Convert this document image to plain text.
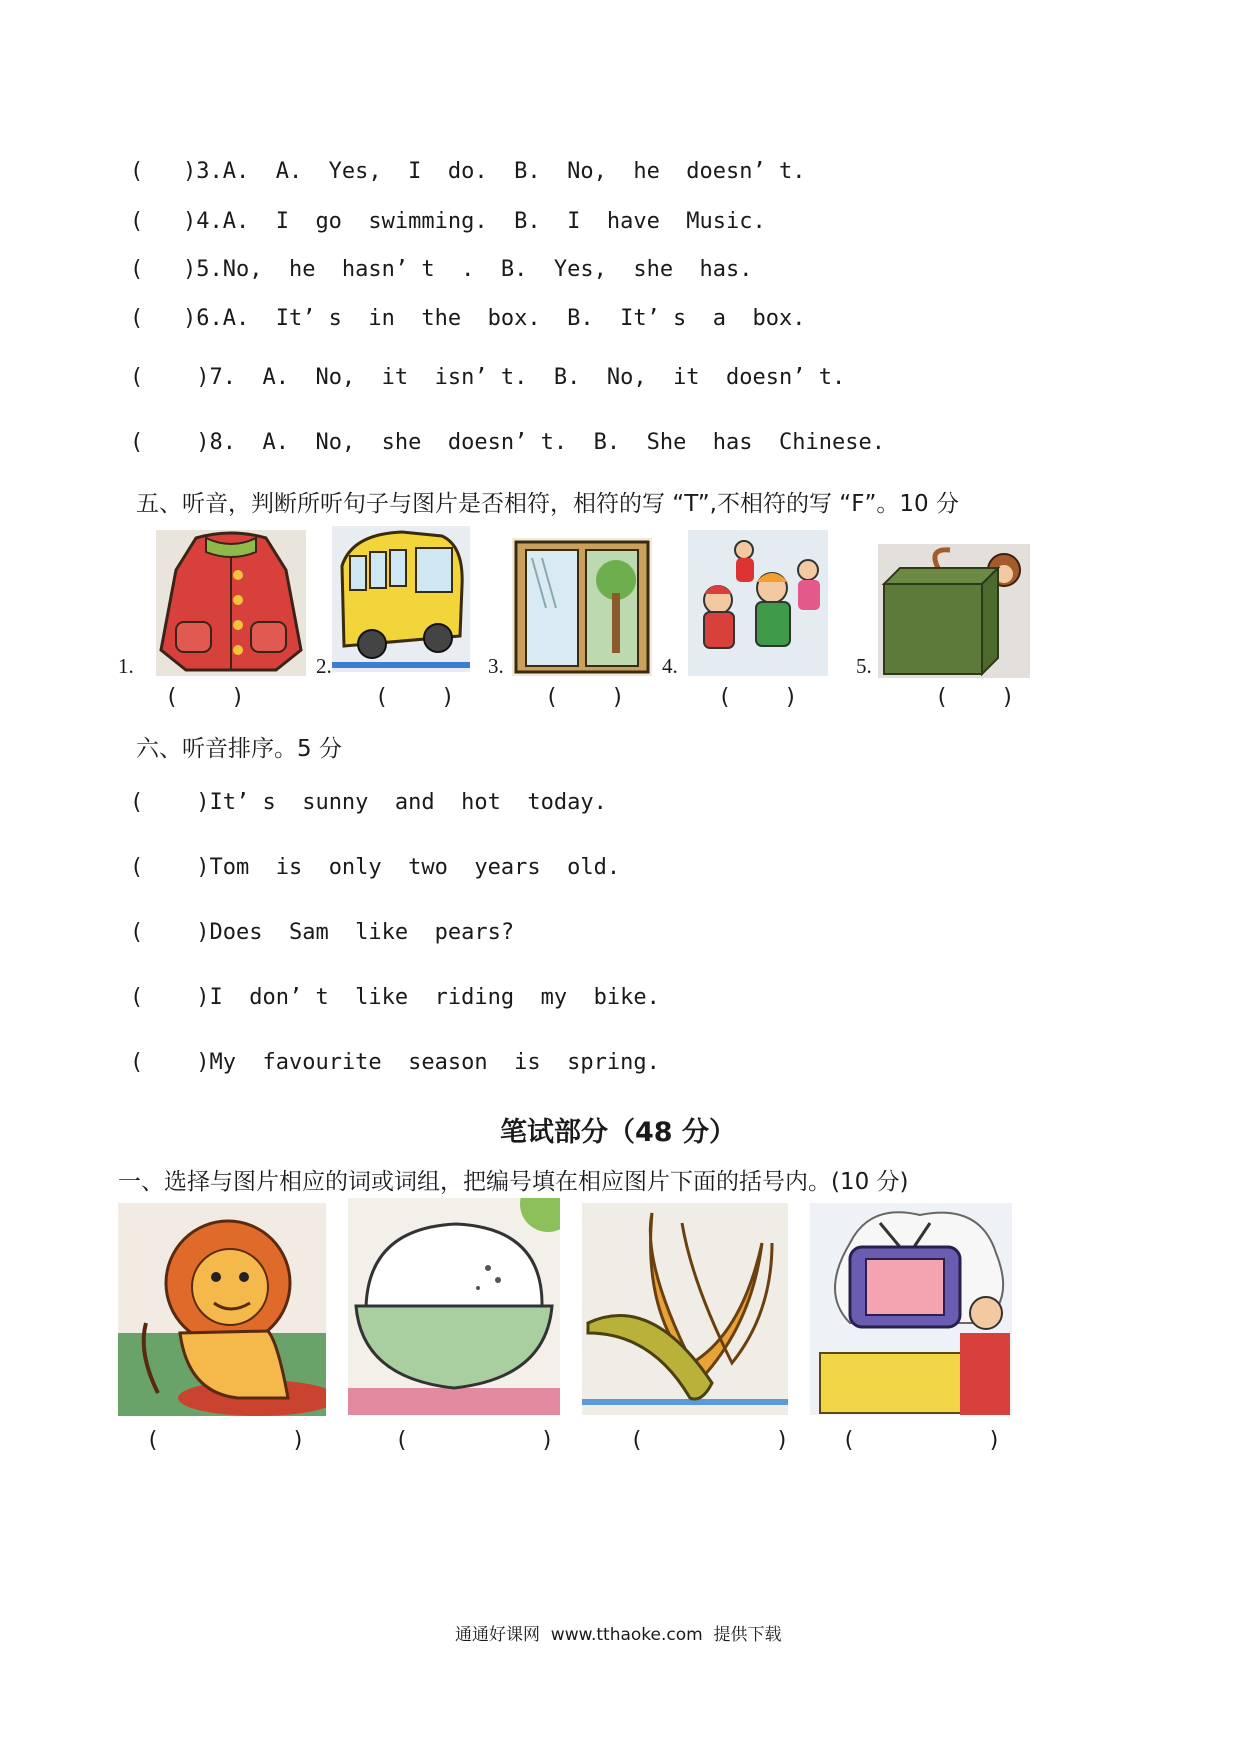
(   )3.A.  A.  Yes,  I  do.  B.  No,  he  doesn’ t.
(   )4.A.  I  go  swimming.  B.  I  have  Music.
(   )5.No,  he  hasn’ t  .  B.  Yes,  she  has.
(   )6.A.  It’ s  in  the  box.  B.  It’ s  a  box.
(    )7.  A.  No,  it  isn’ t.  B.  No,  it  doesn’ t.
(    )8.  A.  No,  she  doesn’ t.  B.  She  has  Chinese.
五、听音，判断所听句子与图片是否相符，相符的写 “T”,不相符的写 “F”。10 分
1.
(    )
2.
(    )
3.
(    )
4.
(    )
5.
(    )
六、听音排序。5 分
(    )It’ s  sunny  and  hot  today.
(    )Tom  is  only  two  years  old.
(    )Does  Sam  like  pears?
(    )I  don’ t  like  riding  my  bike.
(    )My  favourite  season  is  spring.
笔试部分（48 分）
一、选择与图片相应的词或词组，把编号填在相应图片下面的括号内。(10 分)
(          )	(          )	(          ) (          )
通通好课网  www.tthaoke.com  提供下载
